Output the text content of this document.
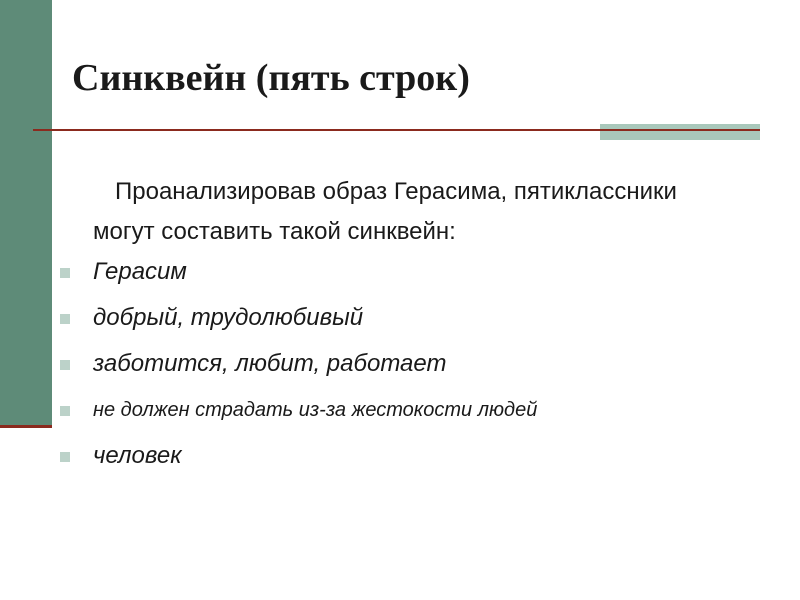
Синквейн (пять строк)

Проанализировав образ Герасима, пятиклассники могут составить такой синквейн:

Герасим
добрый, трудолюбивый
заботится, любит, работает
не должен страдать из-за жестокости людей
человек
